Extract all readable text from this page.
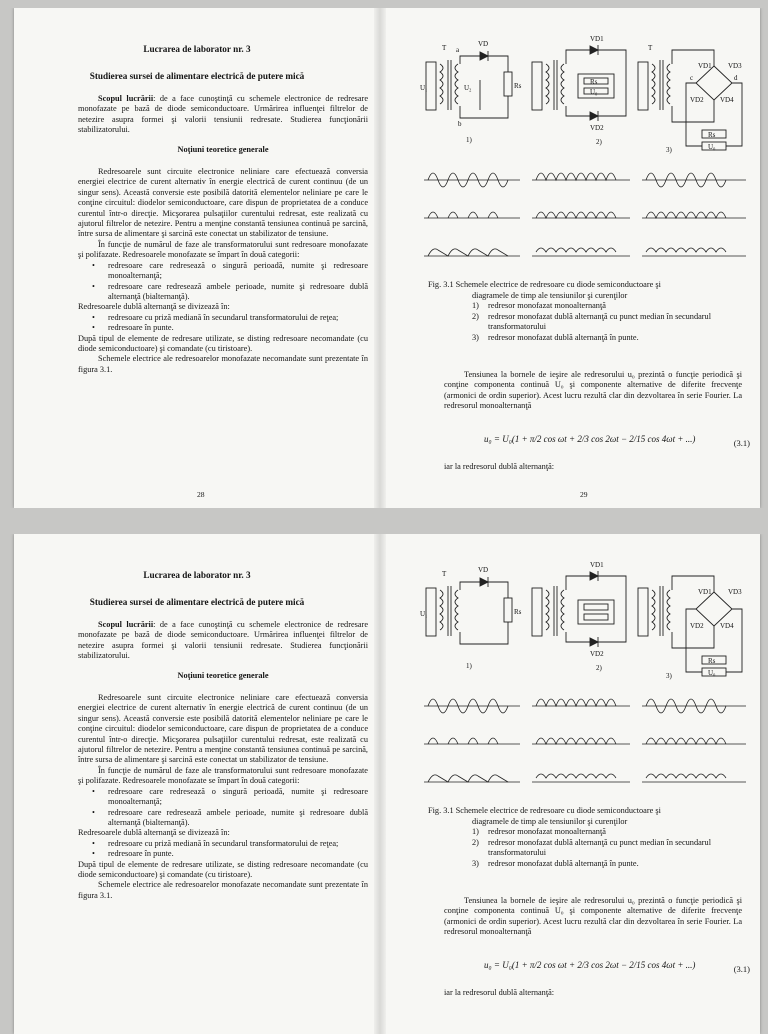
Lucrarea de laborator nr. 3
Studierea sursei de alimentare electrică de putere mică

Scopul lucrării: de a face cunoştinţă cu schemele electronice de redresare monofazate pe bază de diode semiconductoare. Urmărirea influenţei filtrelor de netezire asupra formei şi valorii tensiunii redresate. Studierea funcţionării stabilizatorului.

Noţiuni teoretice generale

Redresoarele sunt circuite electronice neliniare care efectuează conversia energiei electrice de curent alternativ în energie electrică de curent continuu (de un singur sens). Această conversie este posibilă datorită elementelor neliniare pe care le conţine circuitul: diodelor semiconductoare, care dispun de proprietatea de a conduce curentul într-o direcţie. Micşorarea pulsaţiilor curentului redresat, este realizată cu ajutorul filtrelor de netezire. Pentru a menţine constantă tensiunea continuă pe sarcină, între sursa de alimentare şi sarcină este conectat un stabilizator de tensiune.

În funcţie de numărul de faze ale transformatorului sunt redresoare monofazate şi polifazate. Redresoarele monofazate se împart în două categorii:

• redresoare care redresează o singură perioadă, numite şi redresoare monoalternanţă;
• redresoare care redresează ambele perioade, numite şi redresoare dublă alternanţă (bialternanţă).

Redresoarele dublă alternanţă se divizează în:

• redresoare cu priză mediană în secundarul transformatorului de reţea;
• redresoare în punte.

După tipul de elemente de redresare utilizate, se disting redresoare necomandate (cu diode semiconductoare) şi comandate (cu tiristoare).

Schemele electrice ale redresoarelor monofazate necomandate sunt prezentate în figura 3.1.

28
T a
VD
U₁	U₂	Rs
b
1)
VD1
VD2
Rs
U₀
2)
T
VD1 VD3
VD2 VD4
c	d
Rs
U₀
3)

Fig. 3.1 Schemele electrice de redresoare cu diode semiconductoare şi

diagramele de timp ale tensiunilor şi curenţilor

1) redresor monofazat monoalternanţă
2) redresor monofazat dublă alternanţă cu punct median în secundarul transformatorului
3) redresor monofazat dublă alternanţă în punte.

Tensiunea la bornele de ieşire ale redresorului u₀ prezintă o funcţie periodică şi conţine componenta continuă U₀ şi componente alternative de diferite frecvenţe (armonici de ordin superior). Acest lucru rezultă clar din dezvoltarea în serie Fourier. La redresorul monoalternanţă

u₀ = U₀(1 + π/2 cos ωt + 2/3 cos 2ωt − 2/15 cos 4ωt + ...)	(3.1)
iar la redresorul dublă alternanţă:
29
Lucrarea de laborator nr. 3
Studierea sursei de alimentare electrică de putere mică

Scopul lucrării: de a face cunoştinţă cu schemele electronice de redresare monofazate pe bază de diode semiconductoare. Urmărirea influenţei filtrelor de netezire asupra formei şi valorii tensiunii redresate. Studierea funcţionării stabilizatorului.

Noţiuni teoretice generale

Redresoarele sunt circuite electronice neliniare care efectuează conversia energiei electrice de curent alternativ în energie electrică de curent continuu (de un singur sens). Această conversie este posibilă datorită elementelor neliniare pe care le conţine circuitul: diodelor semiconductoare, care dispun de proprietatea de a conduce curentul într-o direcţie. Micşorarea pulsaţiilor curentului redresat, este realizată cu ajutorul filtrelor de netezire. Pentru a menţine constantă tensiunea continuă pe sarcină, între sursa de alimentare şi sarcină este conectat un stabilizator de tensiune.

În funcţie de numărul de faze ale transformatorului sunt redresoare monofazate şi polifazate. Redresoarele monofazate se împart în două categorii:

• redresoare care redresează o singură perioadă, numite şi redresoare monoalternanţă;
• redresoare care redresează ambele perioade, numite şi redresoare dublă alternanţă (bialternanţă).

Redresoarele dublă alternanţă se divizează în:

• redresoare cu priză mediană în secundarul transformatorului de reţea;
• redresoare în punte.

După tipul de elemente de redresare utilizate, se disting redresoare necomandate (cu diode semiconductoare) şi comandate (cu tiristoare).

Schemele electrice ale redresoarelor monofazate necomandate sunt prezentate în figura 3.1.

T	VD
U₁	Rs
1)
VD1
VD2
2)
VD1 VD3
VD2 VD4
Rs
U₀
3)

Fig. 3.1 Schemele electrice de redresoare cu diode semiconductoare şi

diagramele de timp ale tensiunilor şi curenţilor

1) redresor monofazat monoalternanţă
2) redresor monofazat dublă alternanţă cu punct median în secundarul transformatorului
3) redresor monofazat dublă alternanţă în punte.

Tensiunea la bornele de ieşire ale redresorului u₀ prezintă o funcţie periodică şi conţine componenta continuă U₀ şi componente alternative de diferite frecvenţe (armonici de ordin superior). Acest lucru rezultă clar din dezvoltarea în serie Fourier. La redresorul monoalternanţă

u₀ = U₀(1 + π/2 cos ωt + 2/3 cos 2ωt − 2/15 cos 4ωt + ...)	(3.1)
iar la redresorul dublă alternanţă:
